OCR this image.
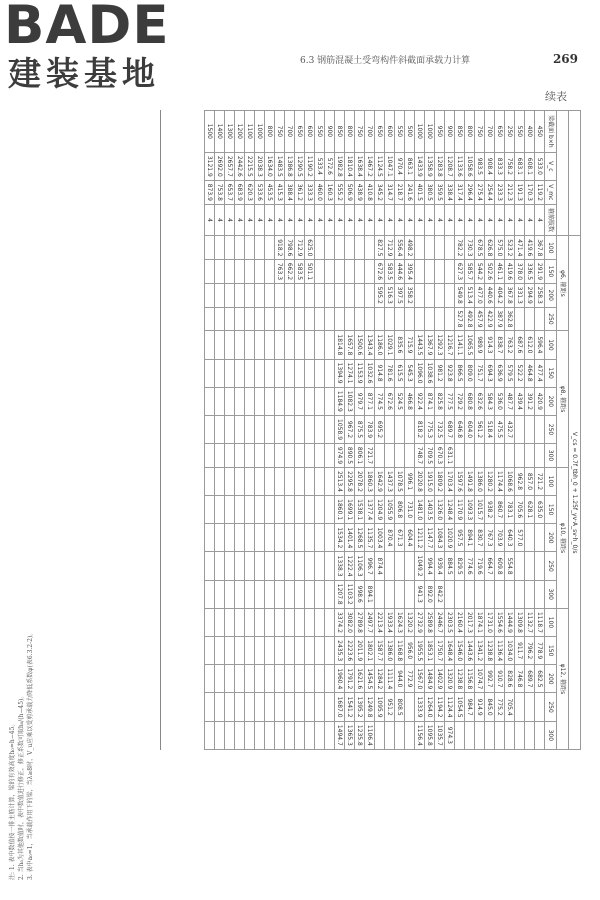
BADE
建装基地	6.3 钢筋混凝土受弯构件斜截面承载力计算	269
续表
				V_cs = 0.7f_tbh_0 + 1.25f_yv·A_sv·h_0/s																		
				φ6, 箍距s				φ8, 箍距s					φ10, 箍距s					φ12, 箍距s				
梁截面 b×h	V_c	V_mc	箍筋肢数	100	150	200	250	100	150	200	250	300	100	150	200	250	300	100	150	200	250	300
450	533.0	119.2	4	367.8	291.9	258.3		596.4	477.4	420.9			721.2	635.0				1118.7	778.9	682.5		
400	608.1	170.3	4	419.6	336.5	294.9		612.0	464.8	391.2			857.0	628.1				1132.7	796.2	689.7		
550	683.1	191.3	4	471.4	378.0	331.3		687.6	522.2	439.4			962.8	705.6	577.0			1309.8	911.7	746.8		
250	758.2	212.3	4	523.2	419.6	367.8	362.8	763.2	579.5	487.7	432.7		1068.6	783.1	640.3	554.8		1444.9	1034.0	828.6	705.4	
650	833.3	233.3	4	575.0	461.1	404.2	387.9	838.7	636.9	536.0	475.5		1174.4	860.7	703.9	609.8		1554.6	1136.4	910.7	775.2	
700	908.4	254.4	4	626.8	502.6	440.6	422.9	914.3	694.3	584.3	518.4		1280.2	938.2	767.3	664.7		1731.0	1238.8	992.7	845.0	
750	983.5	275.4	4	678.5	544.2	477.0	457.9	989.9	751.7	632.6	561.2		1386.0	1015.7	830.7	719.6		1874.1	1341.2	1074.7	914.9	
800	1058.6	296.4	4	730.3	585.7	513.4	492.8	1065.5	809.0	680.8	604.0		1491.8	1093.3	894.1	774.6		2017.3	1443.6	1156.8	984.7	
850	1133.6	317.4	4	782.2	627.3	549.8	527.8	1141.1	866.5	729.2	646.8		1597.6	1170.9	957.5	829.5		2160.4	1546.0	1238.8	1054.5	
900	1208.7	338.4	4					1216.7	923.8	777.5	689.7	631.1	1703.4	1248.4	1020.9	884.5		2303.5	1648.4	1320.9	1124.4	974.3
950	1283.8	359.5	4					1292.3	981.2	825.8	732.5	670.3	1809.2	1326.0	1084.3	939.4	842.2	2446.7	1750.7	1402.9	1194.2	1035.7
1000	1358.9	380.5	4					1367.9	1038.6	874.1	775.3	709.5	1915.0	1403.5	1147.7	994.4	892.0	2589.8	1853.1	1484.9	1264.0	1095.8
1000	1433.9	401.5	4					1443.5	1096.0	922.4	818.2	748.7	2020.8	1481.0	1211.2	1049.2	941.3	2732.9	1955.5	1567.0	1333.9	1156.4
500	863.1	241.6	4	498.2	395.4	358.2		715.9	545.3	466.8			996.1	731.0	604.4			1320.2	956.0	772.9		
550	970.4	218.7	4	556.4	444.6	397.5		835.6	615.5	524.5			1078.5	806.8	671.3			1624.3	1168.8	944.0	808.5	
600	1047.1	314.7	4	712.9	583.5	516.3		1029.1	781.6	672.6			1437.3	1055.9	870.4			1933.4	1386.0	1111.4	951.2	
650	1124.5	345.2	4	827.5	672.6	595.2		1186.0	914.8	774.5	695.2		1642.9	1204.9	1003.4	874.4		2213.4	1587.7	1284.2	1095.9	
700	1467.2	410.8	4					1343.4	1032.6	877.1	783.9	721.7	1860.3	1377.4	1135.7	996.7	894.1	2497.7	1802.1	1454.5	1249.8	1106.4
750	1638.4	438.9	4					1500.6	1153.9	979.7	875.5	806.1	2078.2	1538.1	1268.5	1106.3	998.6	2789.8	2011.9	1621.6	1395.2	1235.8
800	1810.4	506.9	4					1657.8	1274.1	1082.3	967.2	890.5	2295.8	1699.1	1401.4	1222.4	1103.2	3082.0	2223.6	1791.2	1541.2	1365.3
850	1982.8	555.2	4					1814.8	1394.9	1184.9	1058.9	974.9	2513.4	1860.1	1534.2	1338.3	1207.8	3374.2	2435.3	1960.4	1687.0	1494.7
900	572.6	160.3	4																			
550	533.4	460.0	4																			
600	1190.2	333.3	4	625.0	501.1																	
650	1290.5	361.2	4	712.9	583.5																	
700	1386.8	388.4	4	798.6	662.2																	
750	1483.5	415.3	4	918.2	763.3																	
800	1634.0	453.5	4																			
1000	2038.3	533.6	4																			
1100	2215.5	620.3	4																			
1200	2442.6	683.9	4																			
1300	2657.7	653.7	4																			
1400	2692.0	753.8	4																			
1500	3121.9	873.9	4																			
注: 1. 表中数值按一排主筋计算，梁的有效高度h₀=h−45。 2. 当h₀为其他数值时，表中数值进行修正，修正系数可取h₀/(h−45)。 3. 表中a₀=1，当承载作用下的梁，当λ≥8时，V_u应乘以受剪承载力降低系数φ(表6.3.2-2)。
